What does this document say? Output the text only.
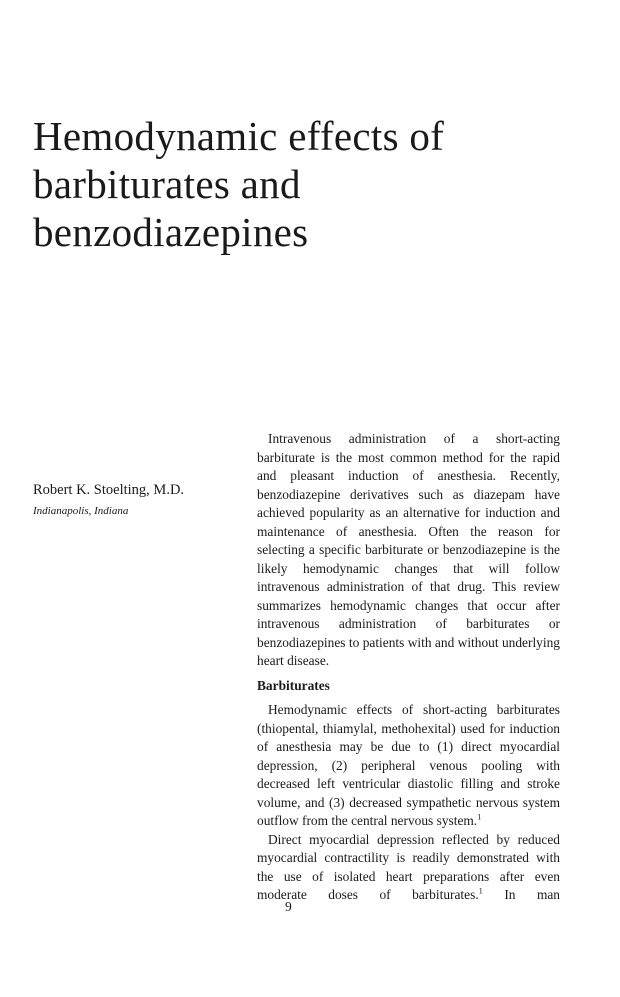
Hemodynamic effects of
barbiturates and
benzodiazepines
Robert K. Stoelting, M.D.
Indianapolis, Indiana

Intravenous administration of a short-acting barbiturate is the most common method for the rapid and pleasant induction of anesthesia. Recently, benzodiazepine derivatives such as diazepam have achieved popularity as an alternative for induction and maintenance of anesthesia. Often the reason for selecting a specific barbiturate or benzodiazepine is the likely hemodynamic changes that will follow intravenous administration of that drug. This review summarizes hemodynamic changes that occur after intravenous administration of barbiturates or benzodiazepines to patients with and without underlying heart disease.

Barbiturates

Hemodynamic effects of short-acting barbiturates (thiopental, thiamylal, methohexital) used for induction of anesthesia may be due to (1) direct myocardial depression, (2) peripheral venous pooling with decreased left ventricular diastolic filling and stroke volume, and (3) decreased sympathetic nervous system outflow from the central nervous system.$^1$

Direct myocardial depression reflected by reduced myocardial contractility is readily demonstrated with the use of isolated heart preparations after even moderate doses of barbiturates.$^1$ In man

9
